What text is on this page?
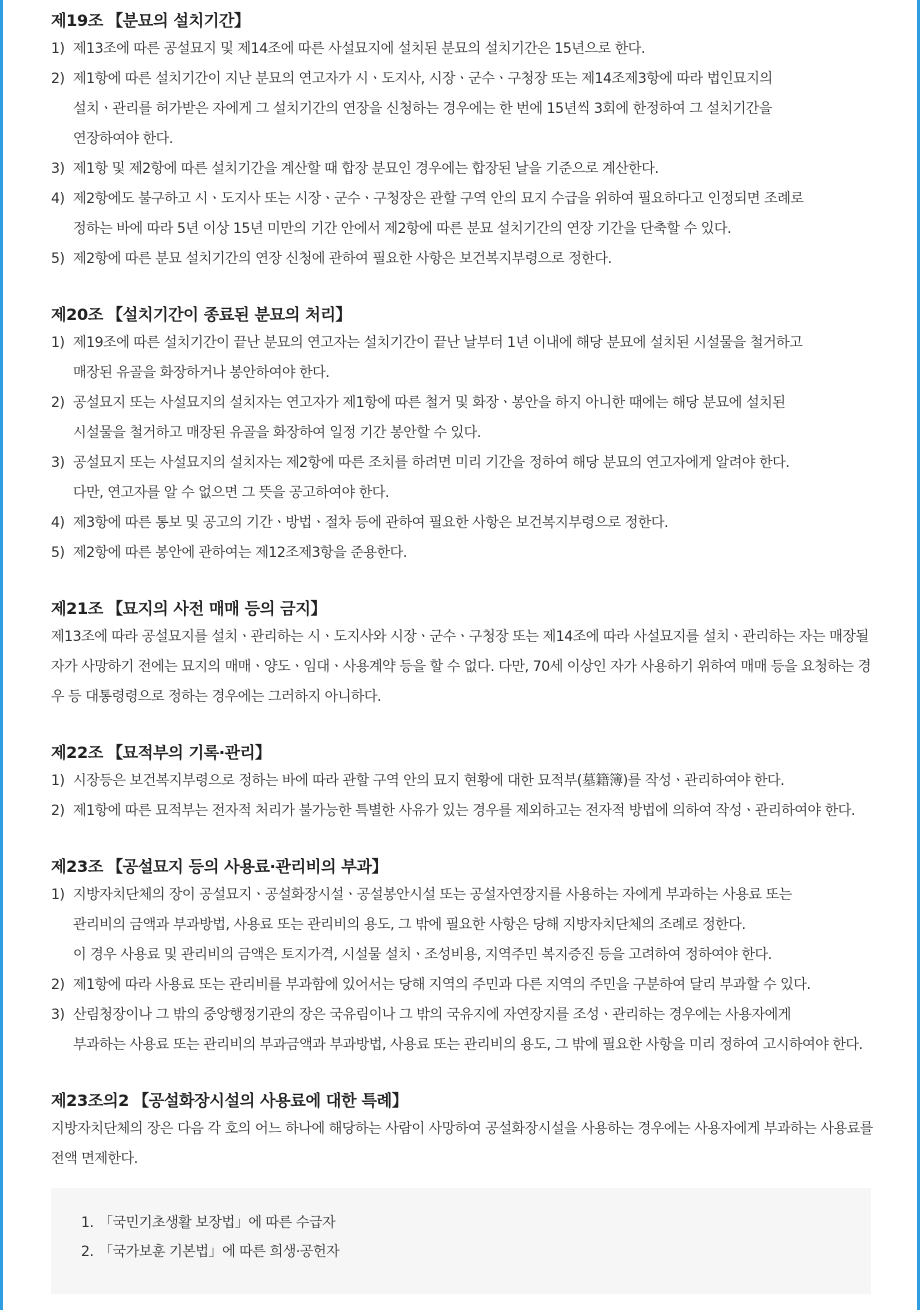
제19조 【분묘의 설치기간】
1) 제13조에 따른 공설묘지 및 제14조에 따른 사설묘지에 설치된 분묘의 설치기간은 15년으로 한다.
2) 제1항에 따른 설치기간이 지난 분묘의 연고자가 시ㆍ도지사, 시장ㆍ군수ㆍ구청장 또는 제14조제3항에 따라 법인묘지의
설치ㆍ관리를 허가받은 자에게 그 설치기간의 연장을 신청하는 경우에는 한 번에 15년씩 3회에 한정하여 그 설치기간을
연장하여야 한다.
3) 제1항 및 제2항에 따른 설치기간을 계산할 때 합장 분묘인 경우에는 합장된 날을 기준으로 계산한다.
4) 제2항에도 불구하고 시ㆍ도지사 또는 시장ㆍ군수ㆍ구청장은 관할 구역 안의 묘지 수급을 위하여 필요하다고 인정되면 조례로
정하는 바에 따라 5년 이상 15년 미만의 기간 안에서 제2항에 따른 분묘 설치기간의 연장 기간을 단축할 수 있다.
5) 제2항에 따른 분묘 설치기간의 연장 신청에 관하여 필요한 사항은 보건복지부령으로 정한다.
제20조 【설치기간이 종료된 분묘의 처리】
1) 제19조에 따른 설치기간이 끝난 분묘의 연고자는 설치기간이 끝난 날부터 1년 이내에 해당 분묘에 설치된 시설물을 철거하고
매장된 유골을 화장하거나 봉안하여야 한다.
2) 공설묘지 또는 사설묘지의 설치자는 연고자가 제1항에 따른 철거 및 화장ㆍ봉안을 하지 아니한 때에는 해당 분묘에 설치된
시설물을 철거하고 매장된 유골을 화장하여 일정 기간 봉안할 수 있다.
3) 공설묘지 또는 사설묘지의 설치자는 제2항에 따른 조치를 하려면 미리 기간을 정하여 해당 분묘의 연고자에게 알려야 한다.
다만, 연고자를 알 수 없으면 그 뜻을 공고하여야 한다.
4) 제3항에 따른 통보 및 공고의 기간ㆍ방법ㆍ절차 등에 관하여 필요한 사항은 보건복지부령으로 정한다.
5) 제2항에 따른 봉안에 관하여는 제12조제3항을 준용한다.
제21조 【묘지의 사전 매매 등의 금지】

제13조에 따라 공설묘지를 설치ㆍ관리하는 시ㆍ도지사와 시장ㆍ군수ㆍ구청장 또는 제14조에 따라 사설묘지를 설치ㆍ관리하는 자는 매장될 자가 사망하기 전에는 묘지의 매매ㆍ양도ㆍ임대ㆍ사용계약 등을 할 수 없다. 다만, 70세 이상인 자가 사용하기 위하여 매매 등을 요청하는 경우 등 대통령령으로 정하는 경우에는 그러하지 아니하다.

제22조 【묘적부의 기록·관리】
1) 시장등은 보건복지부령으로 정하는 바에 따라 관할 구역 안의 묘지 현황에 대한 묘적부(墓籍簿)를 작성ㆍ관리하여야 한다.
2) 제1항에 따른 묘적부는 전자적 처리가 불가능한 특별한 사유가 있는 경우를 제외하고는 전자적 방법에 의하여 작성ㆍ관리하여야 한다.
제23조 【공설묘지 등의 사용료·관리비의 부과】
1) 지방자치단체의 장이 공설묘지ㆍ공설화장시설ㆍ공설봉안시설 또는 공설자연장지를 사용하는 자에게 부과하는 사용료 또는
관리비의 금액과 부과방법, 사용료 또는 관리비의 용도, 그 밖에 필요한 사항은 당해 지방자치단체의 조례로 정한다.
이 경우 사용료 및 관리비의 금액은 토지가격, 시설물 설치ㆍ조성비용, 지역주민 복지증진 등을 고려하여 정하여야 한다.
2) 제1항에 따라 사용료 또는 관리비를 부과함에 있어서는 당해 지역의 주민과 다른 지역의 주민을 구분하여 달리 부과할 수 있다.
3) 산림청장이나 그 밖의 중앙행정기관의 장은 국유림이나 그 밖의 국유지에 자연장지를 조성ㆍ관리하는 경우에는 사용자에게
부과하는 사용료 또는 관리비의 부과금액과 부과방법, 사용료 또는 관리비의 용도, 그 밖에 필요한 사항을 미리 정하여 고시하여야 한다.
제23조의2 【공설화장시설의 사용료에 대한 특례】

지방자치단체의 장은 다음 각 호의 어느 하나에 해당하는 사람이 사망하여 공설화장시설을 사용하는 경우에는 사용자에게 부과하는 사용료를 전액 면제한다.

1. 「국민기초생활 보장법」에 따른 수급자
2. 「국가보훈 기본법」에 따른 희생·공헌자
